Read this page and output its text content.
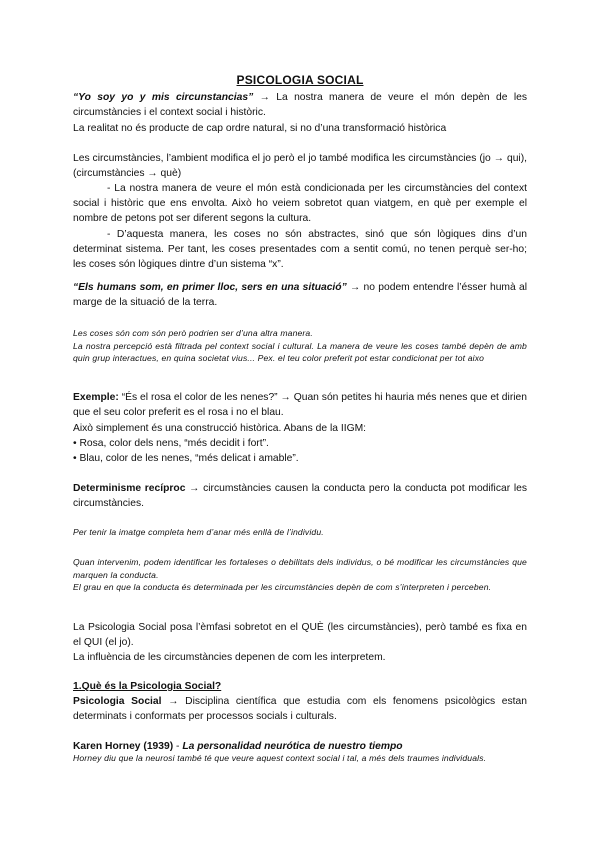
PSICOLOGIA SOCIAL

“Yo soy yo y mis circunstancias” → La nostra manera de veure el món depèn de les circumstàncies i el context social i històric.

La realitat no és producte de cap ordre natural, si no d’una transformació històrica

Les circumstàncies, l’ambient modifica el jo però el jo també modifica les circumstàncies (jo → qui), (circumstàncies → què)

- La nostra manera de veure el món està condicionada per les circumstàncies del context social i històric que ens envolta. Això ho veiem sobretot quan viatgem, en què per exemple el nombre de petons pot ser diferent segons la cultura.

- D’aquesta manera, les coses no són abstractes, sinó que són lògiques dins d’un determinat sistema. Per tant, les coses presentades com a sentit comú, no tenen perquè ser-ho; les coses són lògiques dintre d’un sistema “x”.

“Els humans som, en primer lloc, sers en una situació” → no podem entendre l’ésser humà al marge de la situació de la terra.

Les coses són com són però podrien ser d’una altra manera.
La nostra percepció està filtrada pel context social i cultural. La manera de veure les coses també depèn de amb quin grup interactues, en quina societat vius... Pex. el teu color preferit pot estar condicionat per tot aixo

Exemple: “És el rosa el color de les nenes?” → Quan són petites hi hauria més nenes que et dirien que el seu color preferit es el rosa i no el blau.

Això simplement és una construcció històrica. Abans de la IIGM:
• Rosa, color dels nens, “més decidit i fort”.
• Blau, color de les nenes, “més delicat i amable”.

Determinisme recíproc → circumstàncies causen la conducta pero la conducta pot modificar les circumstàncies.

Per tenir la imatge completa hem d’anar més enllà de l’individu.

Quan intervenim, podem identificar les fortaleses o debilitats dels individus, o bé modificar les circumstàncies que marquen la conducta.
El grau en que la conducta és determinada per les circumstàncies depèn de com s’interpreten i perceben.
La Psicologia Social posa l’èmfasi sobretot en el QUÈ (les circumstàncies), però també es fixa en el QUI (el jo).
La influència de les circumstàncies depenen de com les interpretem.

1.Què és la Psicologia Social?

Psicologia Social → Disciplina científica que estudia com els fenomens psicològics estan determinats i conformats per processos socials i culturals.

Karen Horney (1939) - La personalidad neurótica de nuestro tiempo

Horney diu que la neurosi també té que veure aquest context social i tal, a més dels traumes individuals.
